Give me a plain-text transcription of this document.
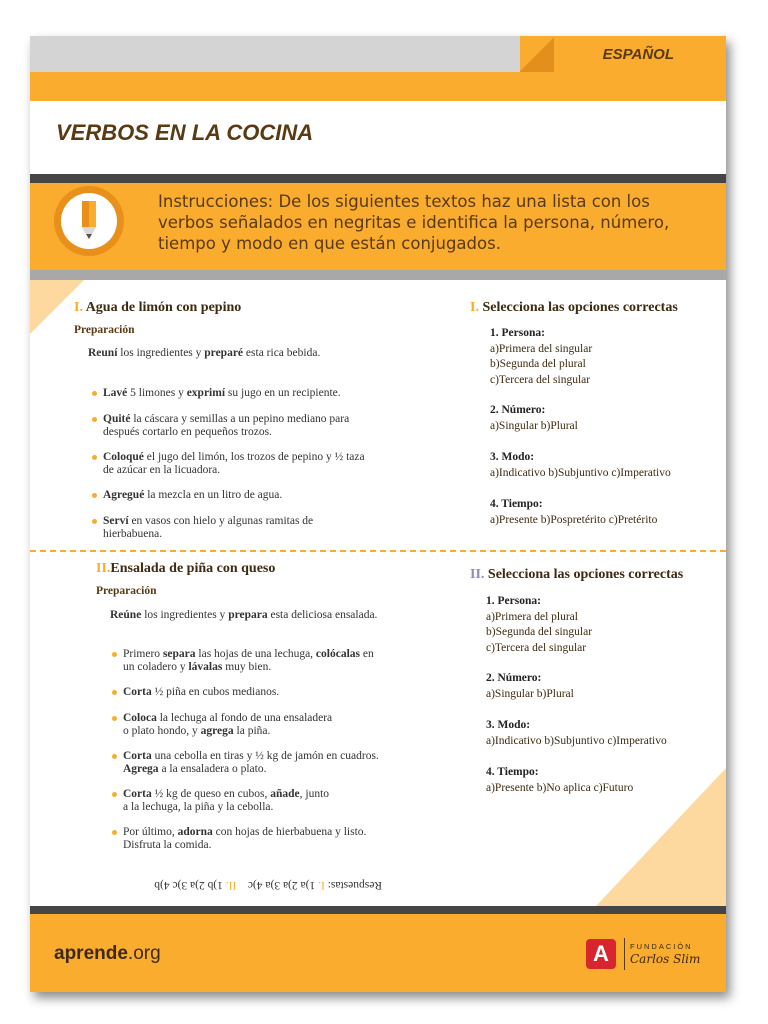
ESPAÑOL
VERBOS EN LA COCINA

Instrucciones: De los siguientes textos haz una lista con los verbos señalados en negritas e identifica la persona, número, tiempo y modo en que están conjugados.

I. Agua de limón con pepino

Preparación

Reuní los ingredientes y preparé esta rica bebida.

Lavé 5 limones y exprimí su jugo en un recipiente.
Quité la cáscara y semillas a un pepino mediano para
después cortarlo en pequeños trozos.
Coloqué el jugo del limón, los trozos de pepino y ½ taza
de azúcar en la licuadora.
Agregué la mezcla en un litro de agua.
Serví en vasos con hielo y algunas ramitas de
hierbabuena.
I. Selecciona las opciones correctas
1. Persona:
a)Primera del singular
b)Segunda del plural
c)Tercera del singular
2. Número:
a)Singular b)Plural
3. Modo:
a)Indicativo b)Subjuntivo c)Imperativo
4. Tiempo:
a)Presente b)Pospretérito c)Pretérito
II.Ensalada de piña con queso

Preparación

Reúne los ingredientes y prepara esta deliciosa ensalada.

Primero separa las hojas de una lechuga, colócalas en
un coladero y lávalas muy bien.
Corta ½ piña en cubos medianos.
Coloca la lechuga al fondo de una ensaladera
o plato hondo, y agrega la piña.
Corta una cebolla en tiras y ½ kg de jamón en cuadros.
Agrega a la ensaladera o plato.
Corta ½ kg de queso en cubos, añade, junto
a la lechuga, la piña y la cebolla.
Por último, adorna con hojas de hierbabuena y listo.
Disfruta la comida.
II. Selecciona las opciones correctas
1. Persona:
a)Primera del plural
b)Segunda del singular
c)Tercera del singular
2. Número:
a)Singular b)Plural
3. Modo:
a)Indicativo b)Subjuntivo c)Imperativo
4. Tiempo:
a)Presente b)No aplica c)Futuro
Respuestas: I. 1)a 2)a 3)a 4)c    II. 1)b 2)a 3)c 4)b
aprende.org	A	FUNDACIÓN
Carlos Slim
